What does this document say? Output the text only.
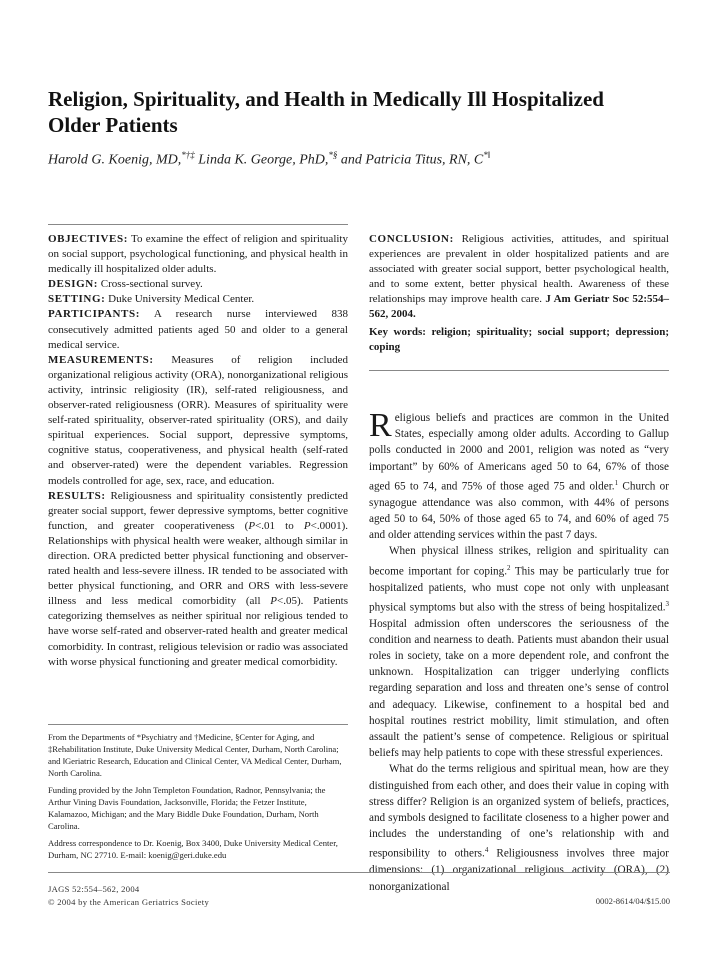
Religion, Spirituality, and Health in Medically Ill Hospitalized
Older Patients
Harold G. Koenig, MD,*†‡ Linda K. George, PhD,*§ and Patricia Titus, RN, C*‖

OBJECTIVES: To examine the effect of religion and spirituality on social support, psychological functioning, and physical health in medically ill hospitalized older adults.

DESIGN: Cross-sectional survey.

SETTING: Duke University Medical Center.

PARTICIPANTS: A research nurse interviewed 838 consecutively admitted patients aged 50 and older to a general medical service.

MEASUREMENTS: Measures of religion included organizational religious activity (ORA), nonorganizational religious activity, intrinsic religiosity (IR), self-rated religiousness, and observer-rated religiousness (ORR). Measures of spirituality were self-rated spirituality, observer-rated spirituality (ORS), and daily spiritual experiences. Social support, depressive symptoms, cognitive status, cooperativeness, and physical health (self-rated and observer-rated) were the dependent variables. Regression models controlled for age, sex, race, and education.

RESULTS: Religiousness and spirituality consistently predicted greater social support, fewer depressive symptoms, better cognitive function, and greater cooperativeness (P<.01 to P<.0001). Relationships with physical health were weaker, although similar in direction. ORA predicted better physical functioning and observer-rated health and less-severe illness. IR tended to be associated with better physical functioning, and ORR and ORS with less-severe illness and less medical comorbidity (all P<.05). Patients categorizing themselves as neither spiritual nor religious tended to have worse self-rated and observer-rated health and greater medical comorbidity. In contrast, religious television or radio was associated with worse physical functioning and greater medical comorbidity.

CONCLUSION: Religious activities, attitudes, and spiritual experiences are prevalent in older hospitalized patients and are associated with greater social support, better psychological health, and to some extent, better physical health. Awareness of these relationships may improve health care. J Am Geriatr Soc 52:554–562, 2004.

Key words: religion; spirituality; social support; depression; coping

Religious beliefs and practices are common in the United States, especially among older adults. According to Gallup polls conducted in 2000 and 2001, religion was noted as “very important” by 60% of Americans aged 50 to 64, 67% of those aged 65 to 74, and 75% of those aged 75 and older.$^1$ Church or synagogue attendance was also common, with 44% of persons aged 50 to 64, 50% of those aged 65 to 74, and 60% of aged 75 and older attending services within the past 7 days.

When physical illness strikes, religion and spirituality can become important for coping.$^2$ This may be particularly true for hospitalized patients, who must cope not only with unpleasant physical symptoms but also with the stress of being hospitalized.$^3$ Hospital admission often underscores the seriousness of the condition and nearness to death. Patients must abandon their usual roles in society, take on a more dependent role, and confront the unknown. Hospitalization can trigger underlying conflicts regarding separation and loss and threaten one’s sense of control and adequacy. Likewise, confinement to a hospital bed and hospital routines restrict mobility, limit stimulation, and often assault the patient’s sense of competence. Religious or spiritual beliefs may help patients to cope with these stressful experiences.

What do the terms religious and spiritual mean, how are they distinguished from each other, and does their value in coping with stress differ? Religion is an organized system of beliefs, practices, and symbols designed to facilitate closeness to a higher power and includes the understanding of one’s relationship with and responsibility to others.$^4$ Religiousness involves three major dimensions: (1) organizational religious activity (ORA), (2) nonorganizational

From the Departments of *Psychiatry and †Medicine, §Center for Aging, and ‡Rehabilitation Institute, Duke University Medical Center, Durham, North Carolina; and ‖Geriatric Research, Education and Clinical Center, VA Medical Center, Durham, North Carolina.

Funding provided by the John Templeton Foundation, Radnor, Pennsylvania; the Arthur Vining Davis Foundation, Jacksonville, Florida; the Fetzer Institute, Kalamazoo, Michigan; and the Mary Biddle Duke Foundation, Durham, North Carolina.

Address correspondence to Dr. Koenig, Box 3400, Duke University Medical Center, Durham, NC 27710. E-mail: koenig@geri.duke.edu

JAGS 52:554–562, 2004
© 2004 by the American Geriatrics Society	0002-8614/04/$15.00
